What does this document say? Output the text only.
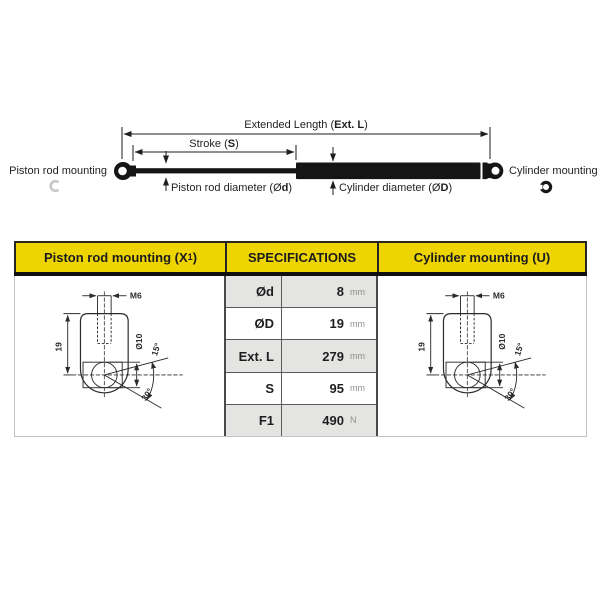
Extended Length (Ext. L)
Stroke (S)
Piston rod diameter (Ød)	Cylinder diameter (ØD)
Piston rod mounting	Cylinder mounting
Piston rod mounting (X 1 )	SPECIFICATIONS	Cylinder mounting (U)
M6
19	Ø10 15°
30°
Ød	8 mm
ØD	19 mm
Ext. L	279 mm
S	95 mm
F1	490 N
M6
19	Ø10 15°
30°
